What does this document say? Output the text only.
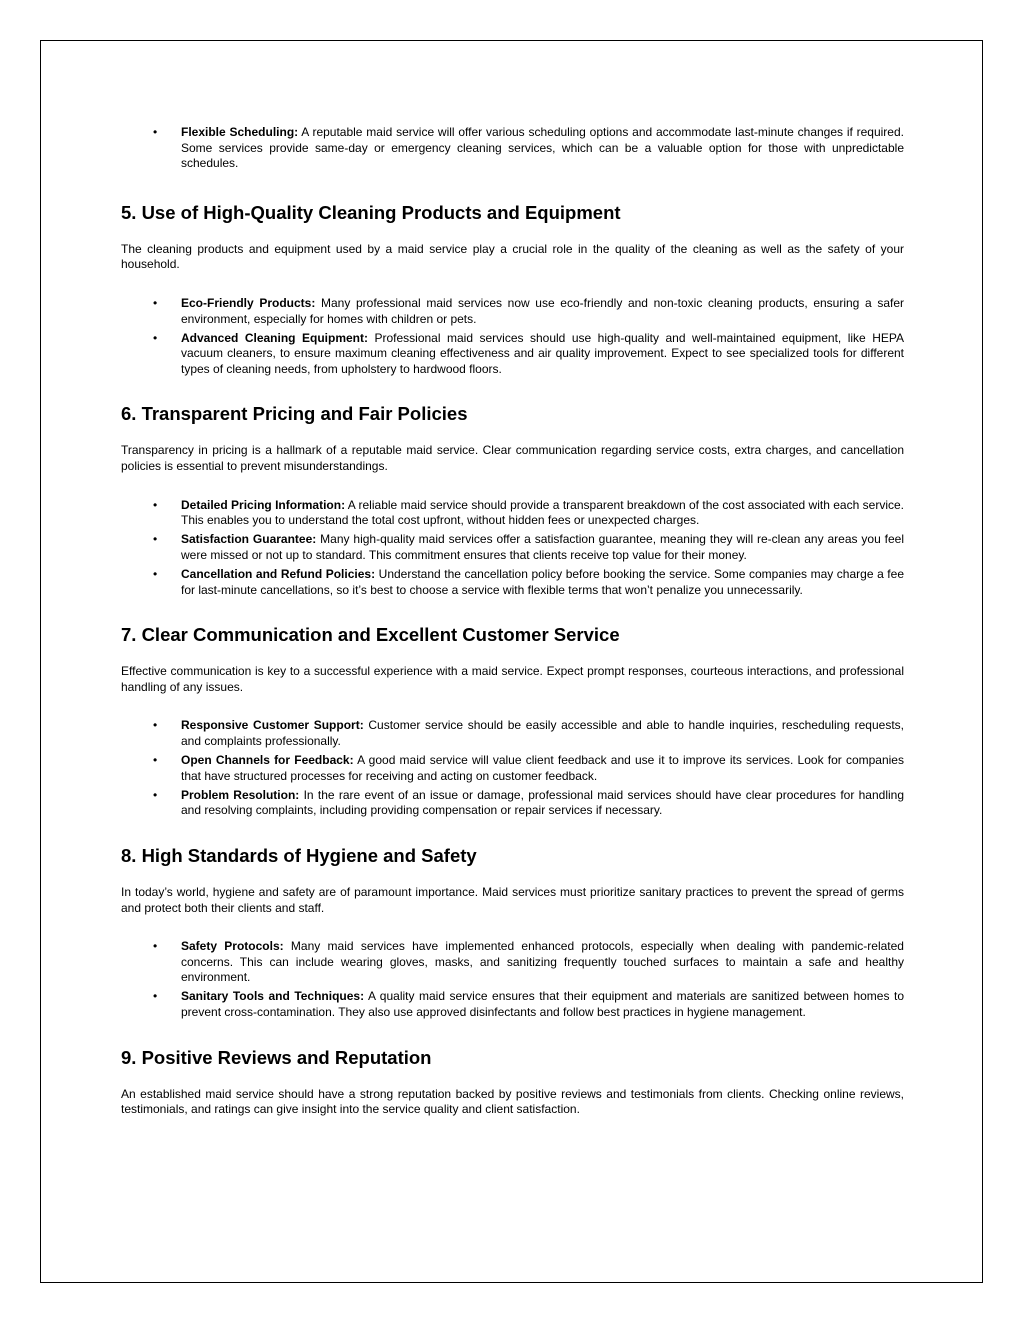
• Flexible Scheduling: A reputable maid service will offer various scheduling options and accommodate last-minute changes if required. Some services provide same-day or emergency cleaning services, which can be a valuable option for those with unpredictable schedules.
5. Use of High-Quality Cleaning Products and Equipment

The cleaning products and equipment used by a maid service play a crucial role in the quality of the cleaning as well as the safety of your household.

• Eco-Friendly Products: Many professional maid services now use eco-friendly and non-toxic cleaning products, ensuring a safer environment, especially for homes with children or pets.
• Advanced Cleaning Equipment: Professional maid services should use high-quality and well-maintained equipment, like HEPA vacuum cleaners, to ensure maximum cleaning effectiveness and air quality improvement. Expect to see specialized tools for different types of cleaning needs, from upholstery to hardwood floors.
6. Transparent Pricing and Fair Policies

Transparency in pricing is a hallmark of a reputable maid service. Clear communication regarding service costs, extra charges, and cancellation policies is essential to prevent misunderstandings.

• Detailed Pricing Information: A reliable maid service should provide a transparent breakdown of the cost associated with each service. This enables you to understand the total cost upfront, without hidden fees or unexpected charges.
• Satisfaction Guarantee: Many high-quality maid services offer a satisfaction guarantee, meaning they will re-clean any areas you feel were missed or not up to standard. This commitment ensures that clients receive top value for their money.
• Cancellation and Refund Policies: Understand the cancellation policy before booking the service. Some companies may charge a fee for last-minute cancellations, so it’s best to choose a service with flexible terms that won’t penalize you unnecessarily.
7. Clear Communication and Excellent Customer Service

Effective communication is key to a successful experience with a maid service. Expect prompt responses, courteous interactions, and professional handling of any issues.

• Responsive Customer Support: Customer service should be easily accessible and able to handle inquiries, rescheduling requests, and complaints professionally.
• Open Channels for Feedback: A good maid service will value client feedback and use it to improve its services. Look for companies that have structured processes for receiving and acting on customer feedback.
• Problem Resolution: In the rare event of an issue or damage, professional maid services should have clear procedures for handling and resolving complaints, including providing compensation or repair services if necessary.
8. High Standards of Hygiene and Safety

In today’s world, hygiene and safety are of paramount importance. Maid services must prioritize sanitary practices to prevent the spread of germs and protect both their clients and staff.

• Safety Protocols: Many maid services have implemented enhanced protocols, especially when dealing with pandemic-related concerns. This can include wearing gloves, masks, and sanitizing frequently touched surfaces to maintain a safe and healthy environment.
• Sanitary Tools and Techniques: A quality maid service ensures that their equipment and materials are sanitized between homes to prevent cross-contamination. They also use approved disinfectants and follow best practices in hygiene management.
9. Positive Reviews and Reputation

An established maid service should have a strong reputation backed by positive reviews and testimonials from clients. Checking online reviews, testimonials, and ratings can give insight into the service quality and client satisfaction.
